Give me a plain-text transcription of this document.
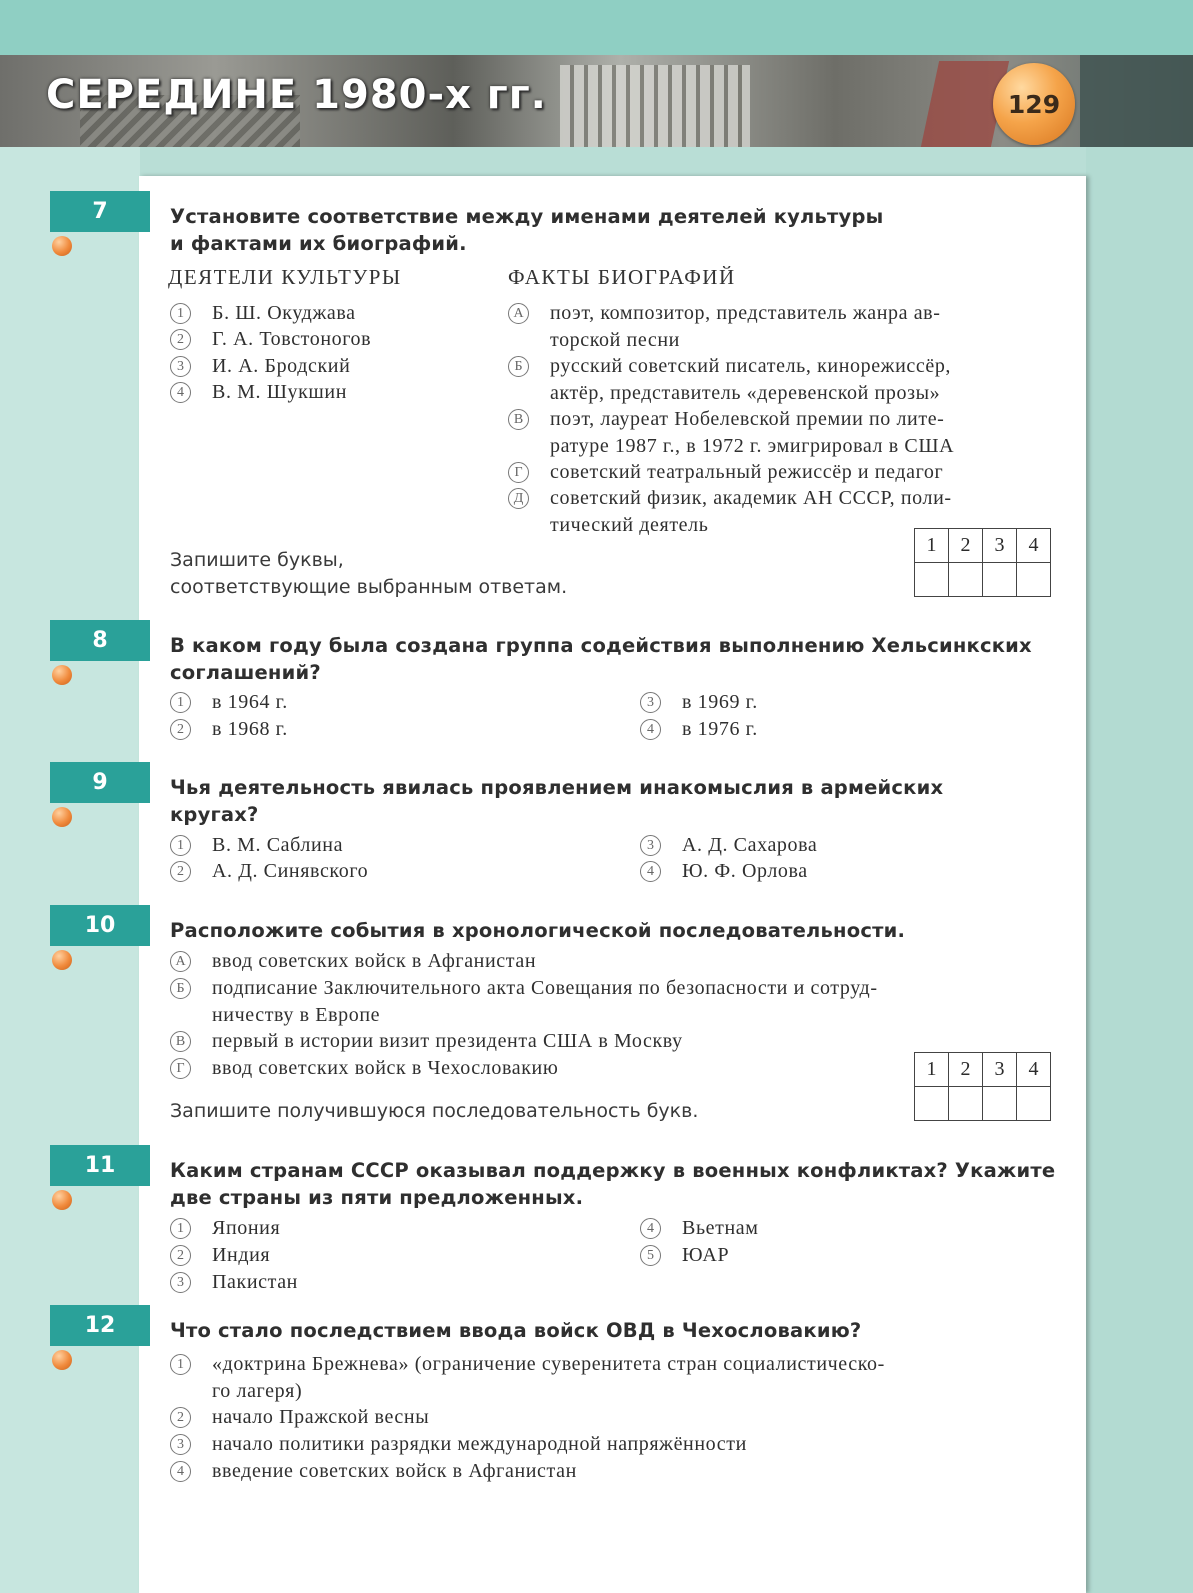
СЕРЕДИНЕ 1980-х гг.	129
7	Установите соответствие между именами деятелей культуры
и фактами их биографий.
ДЕЯТЕЛИ КУЛЬТУРЫ	ФАКТЫ БИОГРАФИЙ
1	Б. Ш. Окуджава
2	Г. А. Товстоногов
3	И. А. Бродский
4	В. М. Шукшин
А	поэт, композитор, представитель жанра ав-
торской песни
Б	русский советский писатель, кинорежиссёр,
актёр, представитель «деревенской прозы»
В	поэт, лауреат Нобелевской премии по лите-
ратуре 1987 г., в 1972 г. эмигрировал в США
Г	советский театральный режиссёр и педагог
Д	советский физик, академик АН СССР, поли-
тический деятель
Запишите буквы,
соответствующие выбранным ответам.
1	2	3	4

8	В каком году была создана группа содействия выполнению Хельсинкских
соглашений?
1	в 1964 г.
2	в 1968 г.
3	в 1969 г.
4	в 1976 г.
9	Чья деятельность явилась проявлением инакомыслия в армейских
кругах?
1	В. М. Саблина
2	А. Д. Синявского
3	А. Д. Сахарова
4	Ю. Ф. Орлова
10	Расположите события в хронологической последовательности.
А	ввод советских войск в Афганистан
Б	подписание Заключительного акта Совещания по безопасности и сотруд-
ничеству в Европе
В	первый в истории визит президента США в Москву
Г	ввод советских войск в Чехословакию
Запишите получившуюся последовательность букв.
1	2	3	4

11	Каким странам СССР оказывал поддержку в военных конфликтах? Укажите
две страны из пяти предложенных.
1	Япония
2	Индия
3	Пакистан
4	Вьетнам
5	ЮАР
12	Что стало последствием ввода войск ОВД в Чехословакию?
1	«доктрина Брежнева» (ограничение суверенитета стран социалистическо-
го лагеря)
2	начало Пражской весны
3	начало политики разрядки международной напряжённости
4	введение советских войск в Афганистан
